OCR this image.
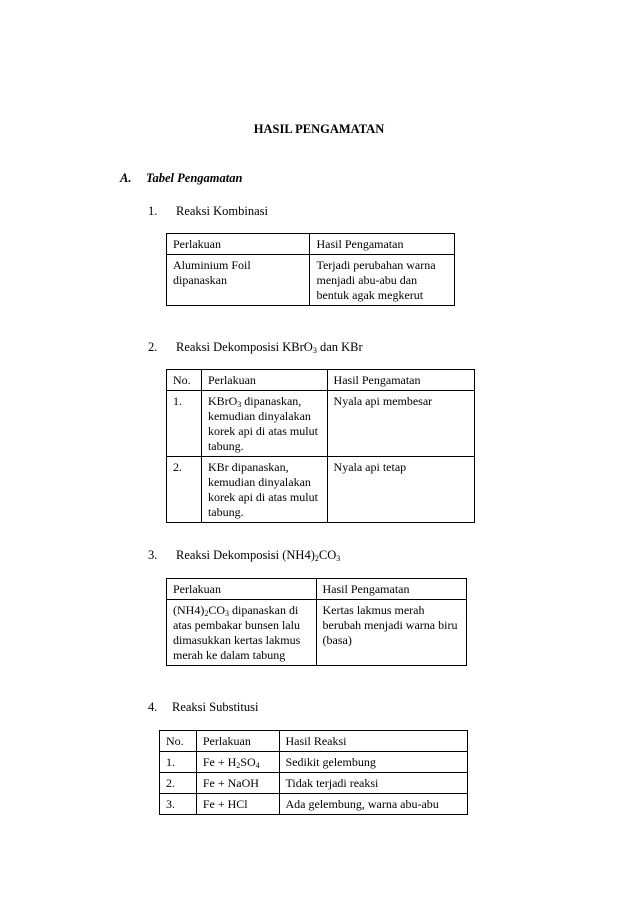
HASIL PENGAMATAN
A. Tabel Pengamatan
1. Reaksi Kombinasi
Perlakuan	Hasil Pengamatan
Aluminium Foil dipanaskan	Terjadi perubahan warna menjadi abu-abu dan bentuk agak megkerut
2. Reaksi Dekomposisi KBrO$_3$ dan KBr
No.	Perlakuan	Hasil Pengamatan
1.	KBrO$_3$ dipanaskan, kemudian dinyalakan korek api di atas mulut tabung.	Nyala api membesar
2.	KBr dipanaskan, kemudian dinyalakan korek api di atas mulut tabung.	Nyala api tetap
3. Reaksi Dekomposisi $(NH4)_2CO_3$
Perlakuan	Hasil Pengamatan
$(NH4)_2CO_3$ dipanaskan di atas pembakar bunsen lalu dimasukkan kertas lakmus merah ke dalam tabung	Kertas lakmus merah berubah menjadi warna biru (basa)
4. Reaksi Substitusi
No.	Perlakuan	Hasil Reaksi
1.	$Fe + H_2SO_4$	Sedikit gelembung
2.	Fe + NaOH	Tidak terjadi reaksi
3.	Fe + HCl	Ada gelembung, warna abu-abu
